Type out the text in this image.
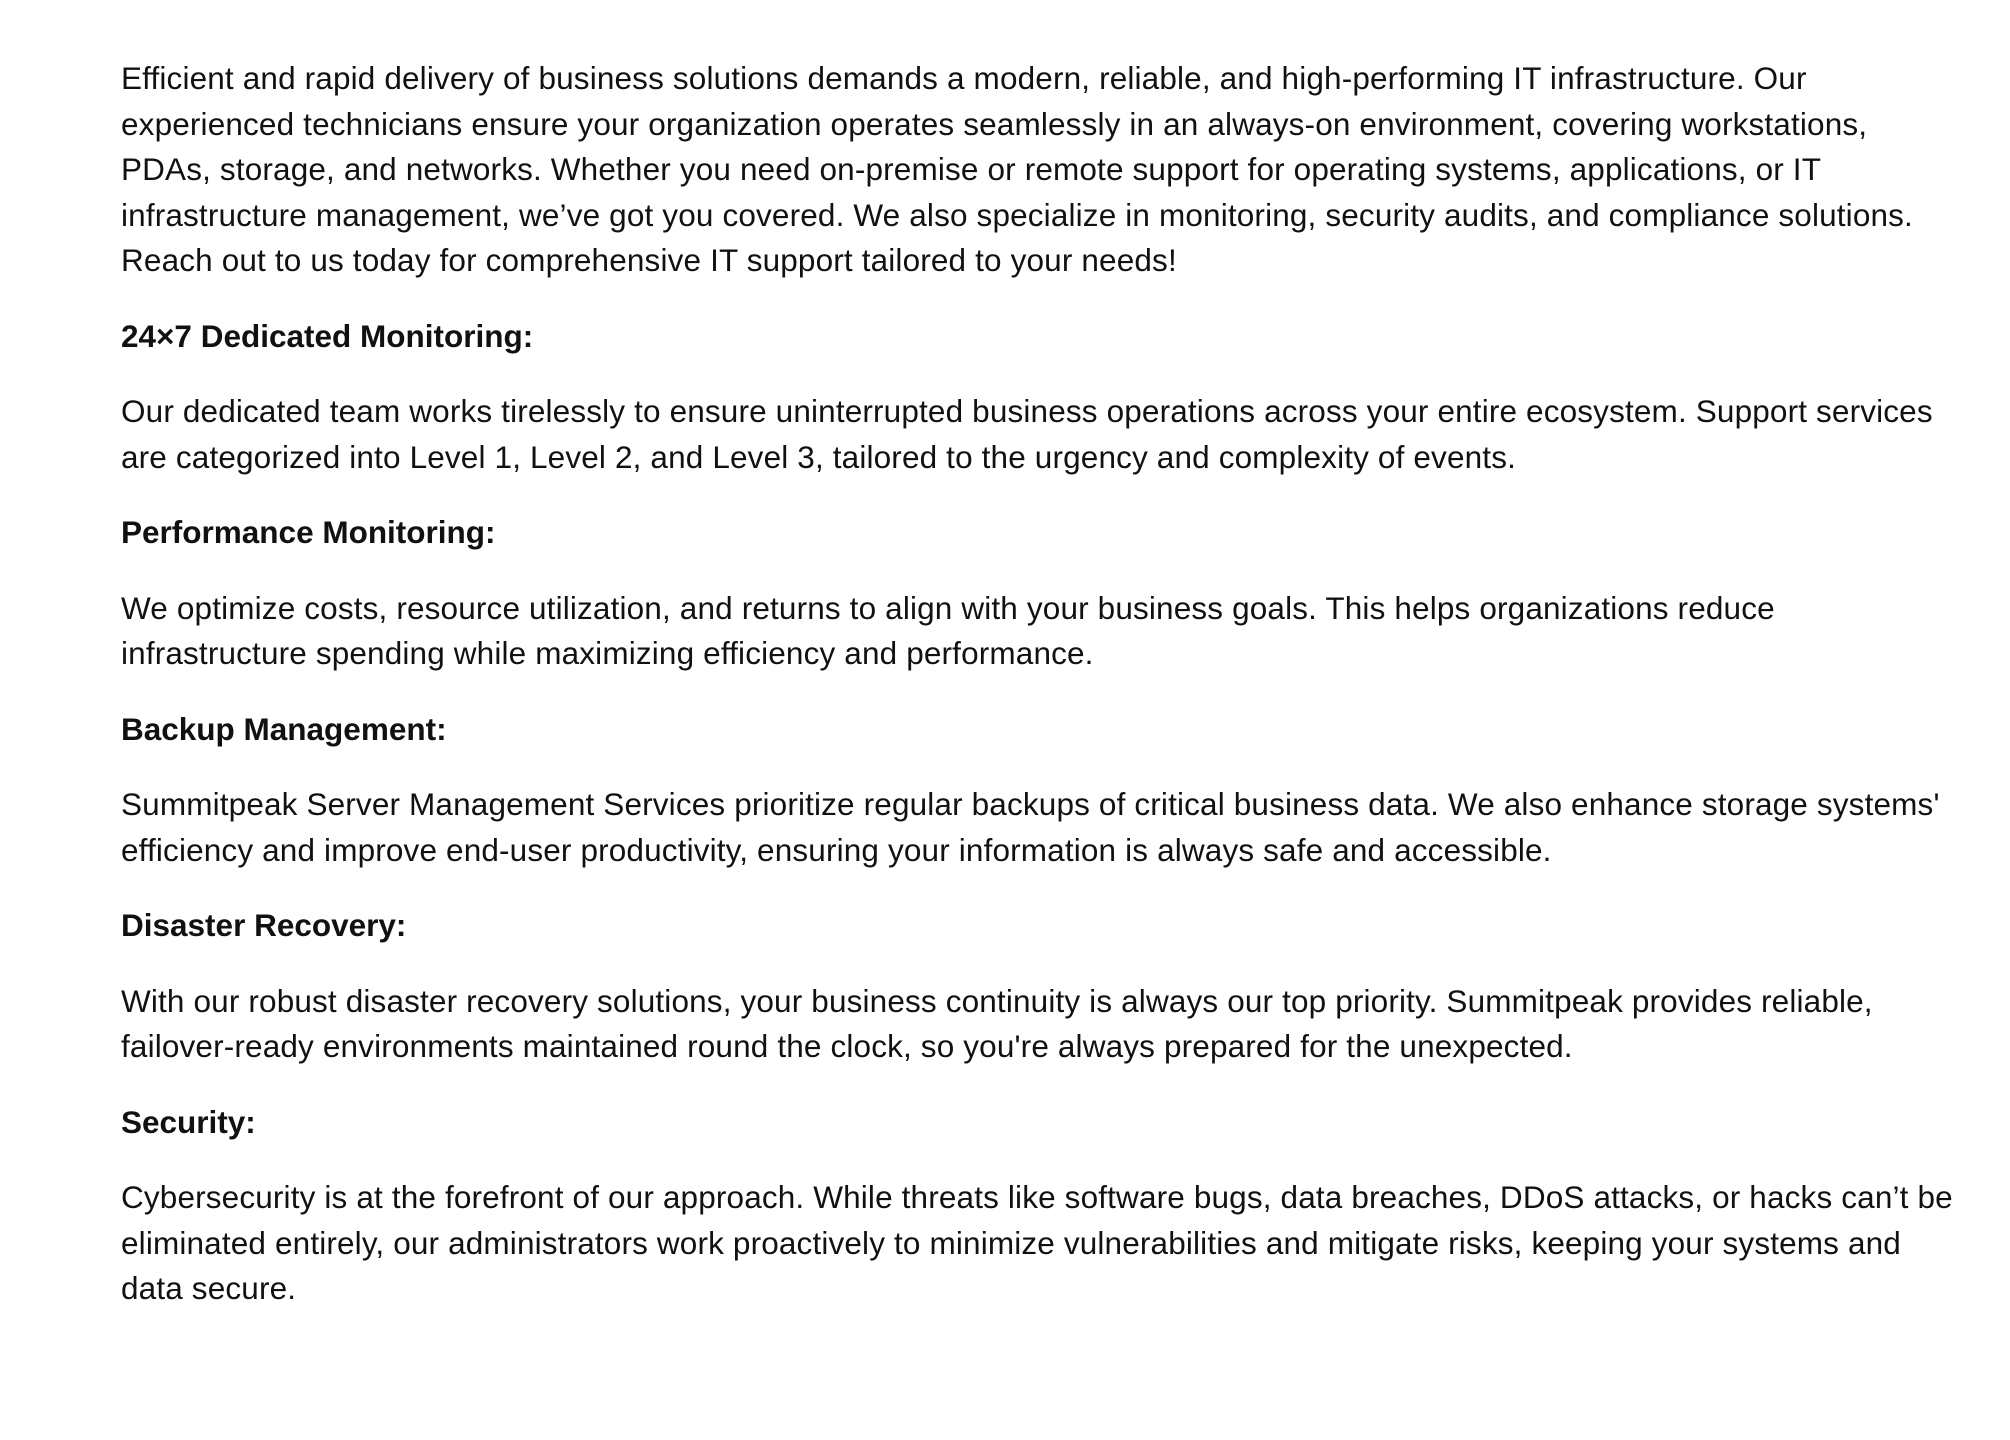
Efficient and rapid delivery of business solutions demands a modern, reliable, and high-performing IT infrastructure. Our experienced technicians ensure your organization operates seamlessly in an always-on environment, covering workstations, PDAs, storage, and networks. Whether you need on-premise or remote support for operating systems, applications, or IT infrastructure management, we’ve got you covered. We also specialize in monitoring, security audits, and compliance solutions. Reach out to us today for comprehensive IT support tailored to your needs!

24×7 Dedicated Monitoring:

Our dedicated team works tirelessly to ensure uninterrupted business operations across your entire ecosystem. Support services are categorized into Level 1, Level 2, and Level 3, tailored to the urgency and complexity of events.

Performance Monitoring:

We optimize costs, resource utilization, and returns to align with your business goals. This helps organizations reduce infrastructure spending while maximizing efficiency and performance.

Backup Management:

Summitpeak Server Management Services prioritize regular backups of critical business data. We also enhance storage systems' efficiency and improve end-user productivity, ensuring your information is always safe and accessible.

Disaster Recovery:

With our robust disaster recovery solutions, your business continuity is always our top priority. Summitpeak provides reliable, failover-ready environments maintained round the clock, so you're always prepared for the unexpected.

Security:

Cybersecurity is at the forefront of our approach. While threats like software bugs, data breaches, DDoS attacks, or hacks can’t be eliminated entirely, our administrators work proactively to minimize vulnerabilities and mitigate risks, keeping your systems and data secure.
